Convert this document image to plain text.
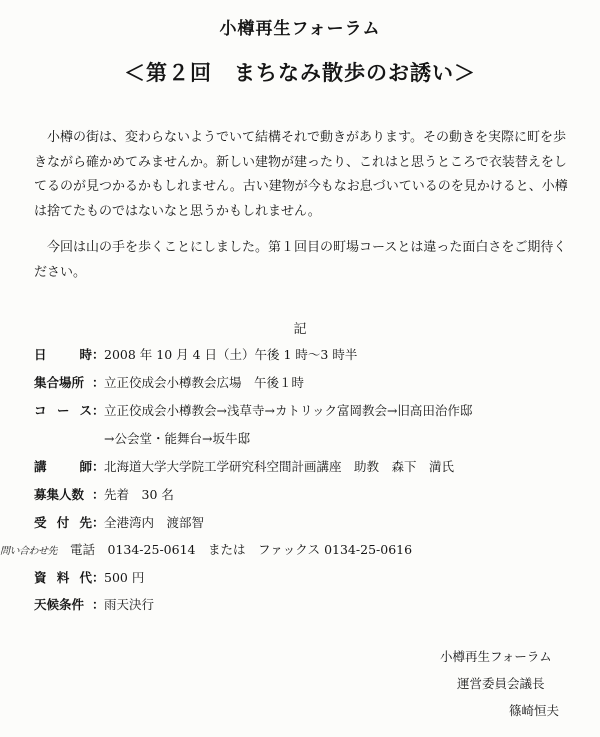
小樽再生フォーラム
＜第２回　まちなみ散歩のお誘い＞

小樽の街は、変わらないようでいて結構それで動きがあります。その動きを実際に町を歩きながら確かめてみませんか。新しい建物が建ったり、これはと思うところで衣装替えをしてるのが見つかるかもしれません。古い建物が今もなお息づいているのを見かけると、小樽は捨てたものではないなと思うかもしれません。

今回は山の手を歩くことにしました。第１回目の町場コースとは違った面白さをご期待ください。

記
日　　時：2008 年 10 月 4 日（土）午後 1 時〜3 時半
集合場所 ：立正佼成会小樽教会広場　午後１時
コース：立正佼成会小樽教会→浅草寺→カトリック富岡教会→旧高田治作邸
→公会堂・能舞台→坂牛邸
講　　師：北海道大学大学院工学研究科空間計画講座　助教　森下　満氏
募集人数 ：先着　30 名
受付先：全港湾内　渡部智
問い合わせ先 電話　0134-25-0614　または　ファックス 0134-25-0616
資料代：500 円
天候条件 ：雨天決行
小樽再生フォーラム
運営委員会議長
篠崎恒夫
